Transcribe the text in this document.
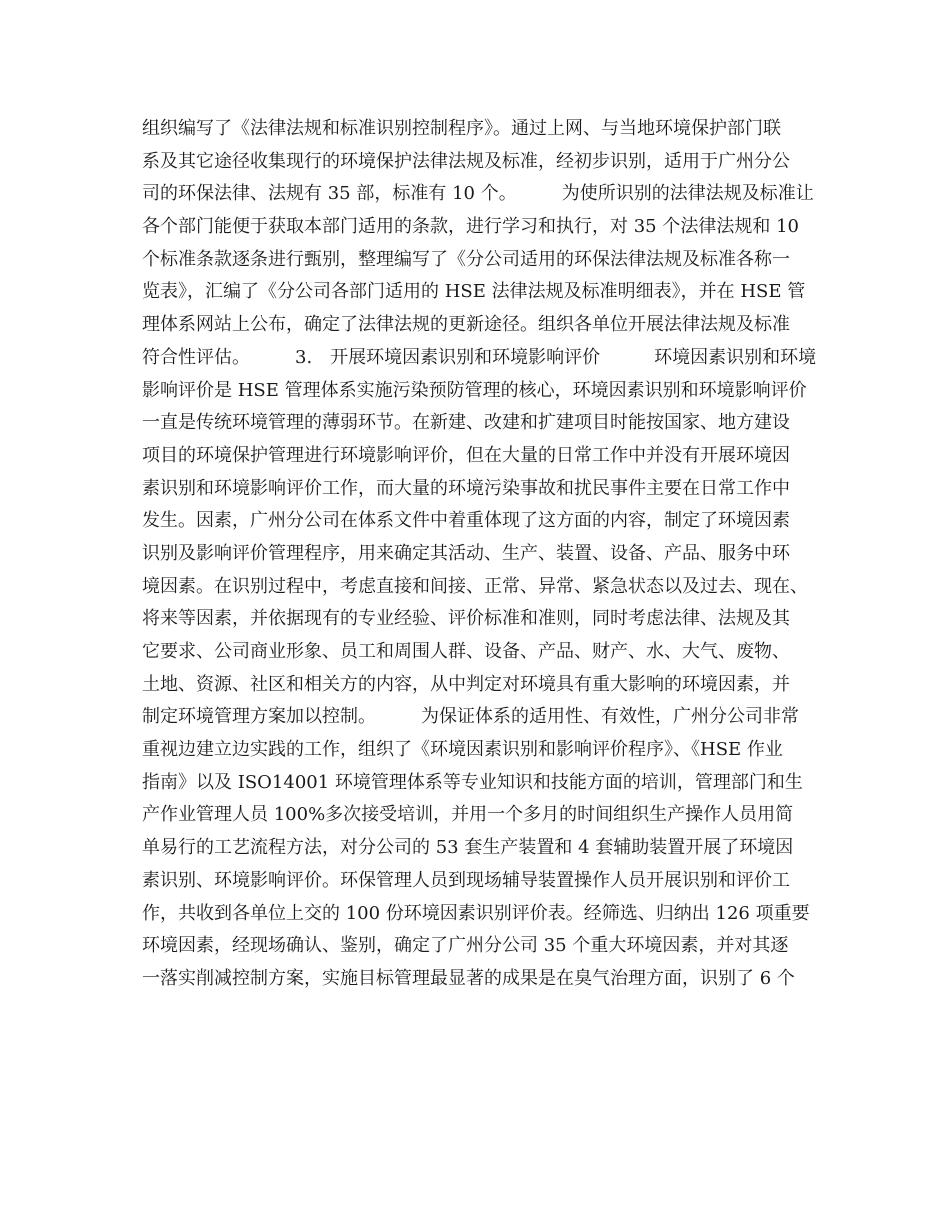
组织编写了《法律法规和标准识别控制程序》。通过上网、与当地环境保护部门联
系及其它途径收集现行的环境保护法律法规及标准，经初步识别，适用于广州分公
司的环保法律、法规有 35 部，标准有 10 个。　　　为使所识别的法律法规及标准让
各个部门能便于获取本部门适用的条款，进行学习和执行，对 35 个法律法规和 10
个标准条款逐条进行甄别，整理编写了《分公司适用的环保法律法规及标准各称一
览表》，汇编了《分公司各部门适用的 HSE 法律法规及标准明细表》，并在 HSE 管
理体系网站上公布，确定了法律法规的更新途径。组织各单位开展法律法规及标准
符合性评估。　　　3.　开展环境因素识别和环境影响评价　　　环境因素识别和环境
影响评价是 HSE 管理体系实施污染预防管理的核心，环境因素识别和环境影响评价
一直是传统环境管理的薄弱环节。在新建、改建和扩建项目时能按国家、地方建设
项目的环境保护管理进行环境影响评价，但在大量的日常工作中并没有开展环境因
素识别和环境影响评价工作，而大量的环境污染事故和扰民事件主要在日常工作中
发生。因素，广州分公司在体系文件中着重体现了这方面的内容，制定了环境因素
识别及影响评价管理程序，用来确定其活动、生产、装置、设备、产品、服务中环
境因素。在识别过程中，考虑直接和间接、正常、异常、紧急状态以及过去、现在、
将来等因素，并依据现有的专业经验、评价标准和准则，同时考虑法律、法规及其
它要求、公司商业形象、员工和周围人群、设备、产品、财产、水、大气、废物、
土地、资源、社区和相关方的内容，从中判定对环境具有重大影响的环境因素，并
制定环境管理方案加以控制。　　　为保证体系的适用性、有效性，广州分公司非常
重视边建立边实践的工作，组织了《环境因素识别和影响评价程序》、《HSE 作业
指南》以及 ISO14001 环境管理体系等专业知识和技能方面的培训，管理部门和生
产作业管理人员 100%多次接受培训，并用一个多月的时间组织生产操作人员用简
单易行的工艺流程方法，对分公司的 53 套生产装置和 4 套辅助装置开展了环境因
素识别、环境影响评价。环保管理人员到现场辅导装置操作人员开展识别和评价工
作，共收到各单位上交的 100 份环境因素识别评价表。经筛选、归纳出 126 项重要
环境因素，经现场确认、鉴别，确定了广州分公司 35 个重大环境因素，并对其逐
一落实削减控制方案，实施目标管理最显著的成果是在臭气治理方面，识别了 6 个
